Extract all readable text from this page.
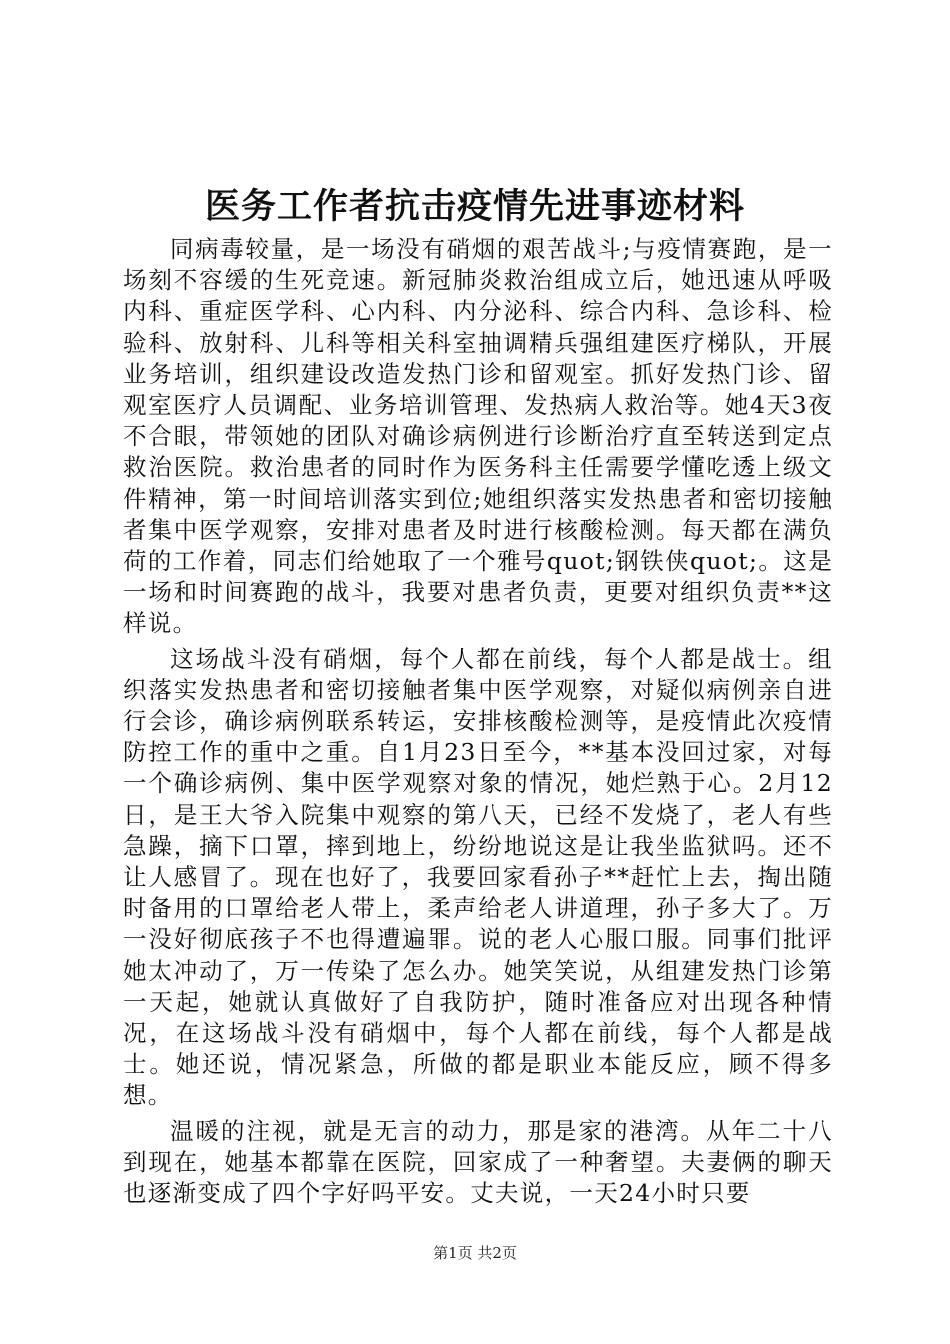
医务工作者抗击疫情先进事迹材料

同病毒较量，是一场没有硝烟的艰苦战斗;与疫情赛跑，是一场刻不容缓的生死竞速。新冠肺炎救治组成立后，她迅速从呼吸内科、重症医学科、心内科、内分泌科、综合内科、急诊科、检验科、放射科、儿科等相关科室抽调精兵强组建医疗梯队，开展业务培训，组织建设改造发热门诊和留观室。抓好发热门诊、留观室医疗人员调配、业务培训管理、发热病人救治等。她4天3夜不合眼，带领她的团队对确诊病例进行诊断治疗直至转送到定点救治医院。救治患者的同时作为医务科主任需要学懂吃透上级文件精神，第一时间培训落实到位;她组织落实发热患者和密切接触者集中医学观察，安排对患者及时进行核酸检测。每天都在满负荷的工作着，同志们给她取了一个雅号quot;钢铁侠quot;。这是一场和时间赛跑的战斗，我要对患者负责，更要对组织负责**这样说。

这场战斗没有硝烟，每个人都在前线，每个人都是战士。组织落实发热患者和密切接触者集中医学观察，对疑似病例亲自进行会诊，确诊病例联系转运，安排核酸检测等，是疫情此次疫情防控工作的重中之重。自1月23日至今，**基本没回过家，对每一个确诊病例、集中医学观察对象的情况，她烂熟于心。2月12日，是王大爷入院集中观察的第八天，已经不发烧了，老人有些急躁，摘下口罩，摔到地上，纷纷地说这是让我坐监狱吗。还不让人感冒了。现在也好了，我要回家看孙子**赶忙上去，掏出随时备用的口罩给老人带上，柔声给老人讲道理，孙子多大了。万一没好彻底孩子不也得遭遍罪。说的老人心服口服。同事们批评她太冲动了，万一传染了怎么办。她笑笑说，从组建发热门诊第一天起，她就认真做好了自我防护，随时准备应对出现各种情况，在这场战斗没有硝烟中，每个人都在前线，每个人都是战士。她还说，情况紧急，所做的都是职业本能反应，顾不得多想。

温暖的注视，就是无言的动力，那是家的港湾。从年二十八到现在，她基本都靠在医院，回家成了一种奢望。夫妻俩的聊天也逐渐变成了四个字好吗平安。丈夫说，一天24小时只要

第1页 共2页
